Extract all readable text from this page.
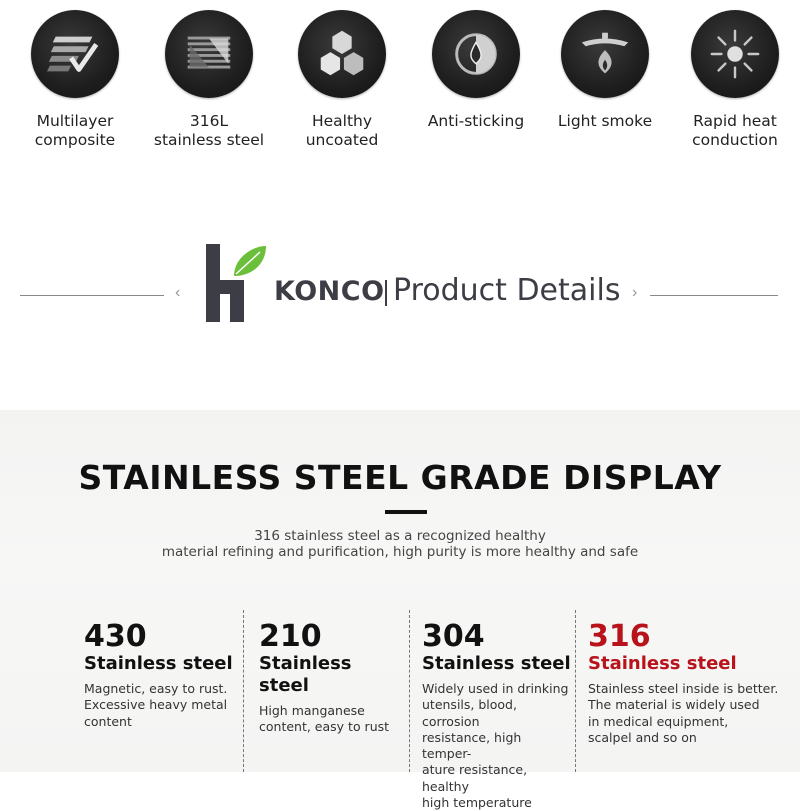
Multilayer
composite
316L
stainless steel
Healthy
uncoated
Anti-sticking	Light smoke	Rapid heat
conduction
‹	KONCO Product Details ›
STAINLESS STEEL GRADE DISPLAY
316 stainless steel as a recognized healthy
material refining and purification, high purity is more healthy and safe
430
Stainless steel
Magnetic, easy to rust.
Excessive heavy metal
content
210
Stainless steel
High manganese
content, easy to rust
304
Stainless steel
Widely used in drinking
utensils, blood, corrosion
resistance, high temper-
ature resistance, healthy
high temperature
316
Stainless steel
Stainless steel inside is better.
The material is widely used
in medical equipment,
scalpel and so on
